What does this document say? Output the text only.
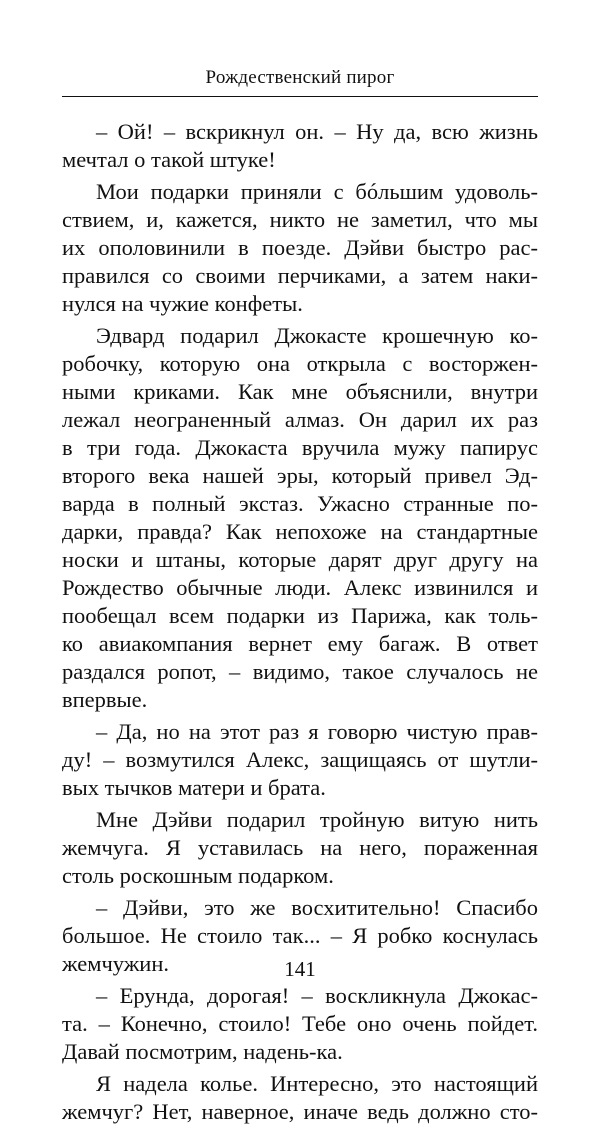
Рождественский пирог
– Ой! – вскрикнул он. – Ну да, всю жизнь
мечтал о такой штуке!
Мои подарки приняли с бóльшим удоволь-
ствием, и, кажется, никто не заметил, что мы
их ополовинили в поезде. Дэйви быстро рас-
правился со своими перчиками, а затем наки-
нулся на чужие конфеты.
Эдвард подарил Джокасте крошечную ко-
робочку, которую она открыла с восторжен-
ными криками. Как мне объяснили, внутри
лежал неограненный алмаз. Он дарил их раз
в три года. Джокаста вручила мужу папирус
второго века нашей эры, который привел Эд-
варда в полный экстаз. Ужасно странные по-
дарки, правда? Как непохоже на стандартные
носки и штаны, которые дарят друг другу на
Рождество обычные люди. Алекс извинился и
пообещал всем подарки из Парижа, как толь-
ко авиакомпания вернет ему багаж. В ответ
раздался ропот, – видимо, такое случалось не
впервые.
– Да, но на этот раз я говорю чистую прав-
ду! – возмутился Алекс, защищаясь от шутли-
вых тычков матери и брата.
Мне Дэйви подарил тройную витую нить
жемчуга. Я уставилась на него, пораженная
столь роскошным подарком.
– Дэйви, это же восхитительно! Спасибо
большое. Не стоило так... – Я робко коснулась
жемчужин.
– Ерунда, дорогая! – воскликнула Джокас-
та. – Конечно, стоило! Тебе оно очень пойдет.
Давай посмотрим, надень-ка.
Я надела колье. Интересно, это настоящий
жемчуг? Нет, наверное, иначе ведь должно сто-
141
